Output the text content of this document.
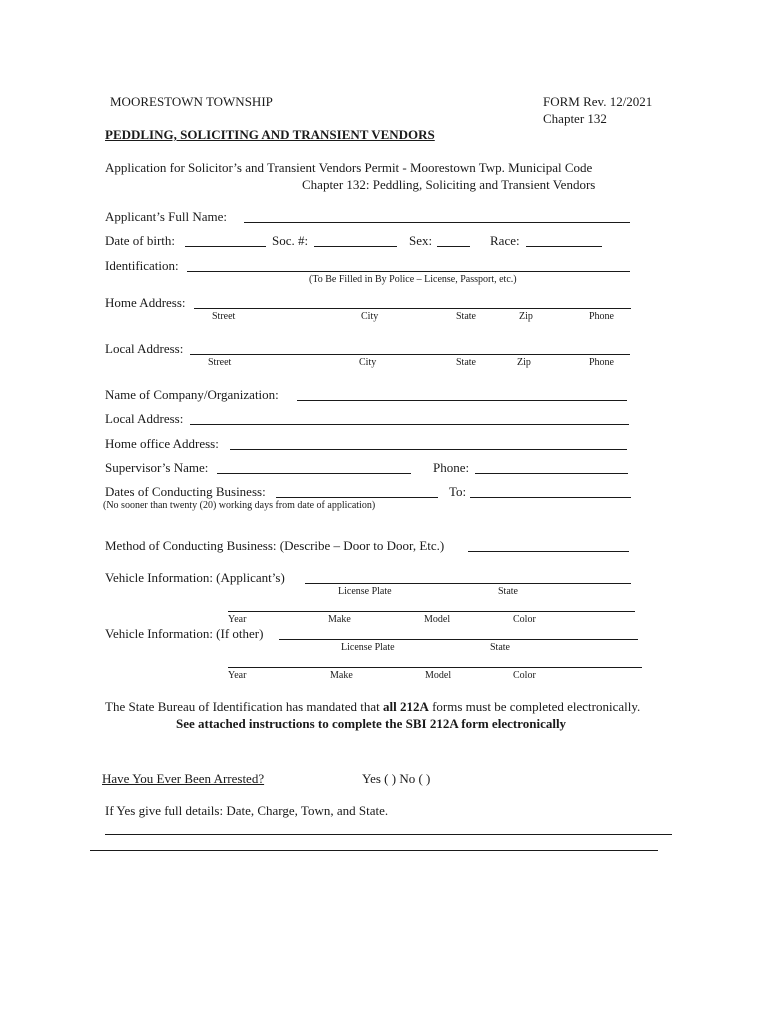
MOORESTOWN TOWNSHIP	FORM Rev. 12/2021
Chapter 132
PEDDLING, SOLICITING AND TRANSIENT VENDORS
Application for Solicitor’s and Transient Vendors Permit - Moorestown Twp. Municipal Code
Chapter 132: Peddling, Soliciting and Transient Vendors
Applicant’s Full Name:
Date of birth:	Soc. #:	Sex:	Race:
Identification:
(To Be Filled in By Police – License, Passport, etc.)
Home Address:
Street	City	State	Zip	Phone
Local Address:
Street	City	State	Zip	Phone
Name of Company/Organization:
Local Address:
Home office Address:
Supervisor’s Name:	Phone:
Dates of Conducting Business:	To:
(No sooner than twenty (20) working days from date of application)
Method of Conducting Business: (Describe – Door to Door, Etc.)
Vehicle Information: (Applicant’s)
License Plate	State
Year	Make	Model	Color
Vehicle Information: (If other)
License Plate	State
Year	Make	Model	Color
The State Bureau of Identification has mandated that all 212A forms must be completed electronically.
See attached instructions to complete the SBI 212A form electronically
Have You Ever Been Arrested?	Yes ( ) No ( )
If Yes give full details: Date, Charge, Town, and State.
